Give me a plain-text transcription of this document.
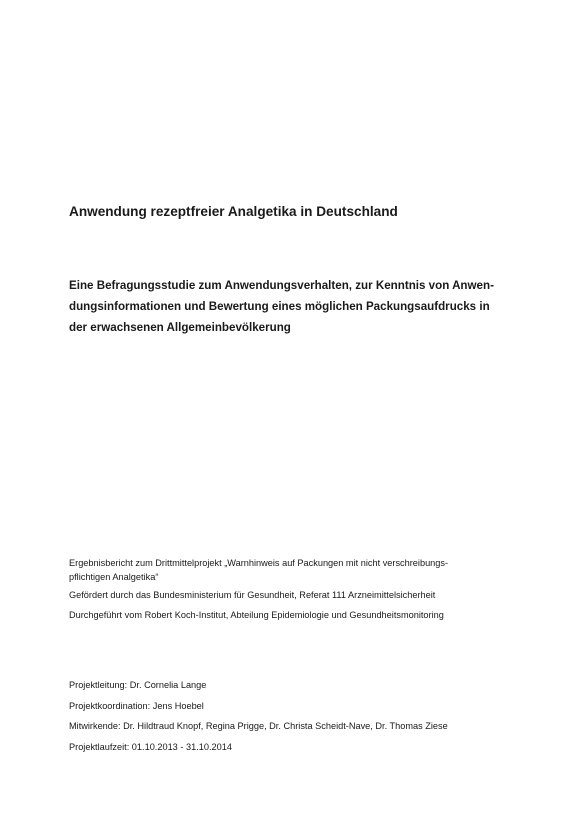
Anwendung rezeptfreier Analgetika in Deutschland
Eine Befragungsstudie zum Anwendungsverhalten, zur Kenntnis von Anwen-
dungsinformationen und Bewertung eines möglichen Packungsaufdrucks in
der erwachsenen Allgemeinbevölkerung
Ergebnisbericht zum Drittmittelprojekt „Warnhinweis auf Packungen mit nicht verschreibungs-
pflichtigen Analgetika“
Gefördert durch das Bundesministerium für Gesundheit, Referat 111 Arzneimittelsicherheit
Durchgeführt vom Robert Koch-Institut, Abteilung Epidemiologie und Gesundheitsmonitoring
Projektleitung: Dr. Cornelia Lange
Projektkoordination: Jens Hoebel
Mitwirkende: Dr. Hildtraud Knopf, Regina Prigge, Dr. Christa Scheidt-Nave, Dr. Thomas Ziese
Projektlaufzeit: 01.10.2013 - 31.10.2014
